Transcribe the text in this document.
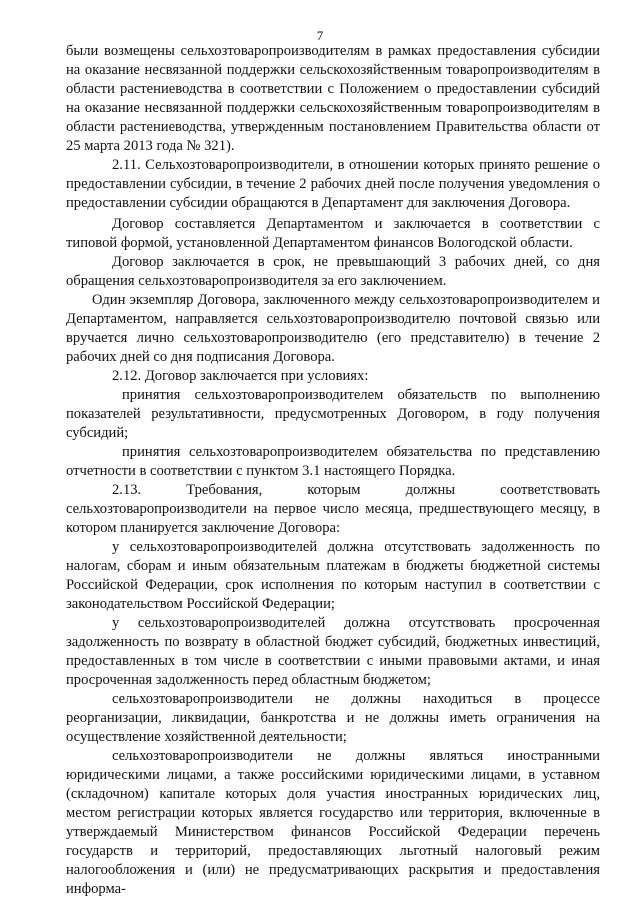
7

были возмещены сельхозтоваропроизводителям в рамках предоставления субсидии на оказание несвязанной поддержки сельскохозяйственным товаропроизводителям в области растениеводства в соответствии с Положением о предоставлении субсидий на оказание несвязанной поддержки сельскохозяйственным товаропроизводителям в области растениеводства, утвержденным постановлением Правительства области от 25 марта 2013 года № 321).

2.11. Сельхозтоваропроизводители, в отношении которых принято решение о предоставлении субсидии, в течение 2 рабочих дней после получения уведомления о предоставлении субсидии обращаются в Департамент для заключения Договора.

Договор составляется Департаментом и заключается в соответствии с типовой формой, установленной Департаментом финансов Вологодской области.

Договор заключается в срок, не превышающий 3 рабочих дней, со дня обращения сельхозтоваропроизводителя за его заключением.

Один экземпляр Договора, заключенного между сельхозтоваропроизводителем и Департаментом, направляется сельхозтоваропроизводителю почтовой связью или вручается лично сельхозтоваропроизводителю (его представителю) в течение 2 рабочих дней со дня подписания Договора.

2.12. Договор заключается при условиях:

принятия сельхозтоваропроизводителем обязательств по выполнению показателей результативности, предусмотренных Договором, в году получения субсидий;

принятия сельхозтоваропроизводителем обязательства по представлению отчетности в соответствии с пунктом 3.1 настоящего Порядка.

2.13. Требования, которым должны соответствовать сельхозтоваропроизводители на первое число месяца, предшествующего месяцу, в котором планируется заключение Договора:

у сельхозтоваропроизводителей должна отсутствовать задолженность по налогам, сборам и иным обязательным платежам в бюджеты бюджетной системы Российской Федерации, срок исполнения по которым наступил в соответствии с законодательством Российской Федерации;

у сельхозтоваропроизводителей должна отсутствовать просроченная задолженность по возврату в областной бюджет субсидий, бюджетных инвестиций, предоставленных в том числе в соответствии с иными правовыми актами, и иная просроченная задолженность перед областным бюджетом;

сельхозтоваропроизводители не должны находиться в процессе реорганизации, ликвидации, банкротства и не должны иметь ограничения на осуществление хозяйственной деятельности;

сельхозтоваропроизводители не должны являться иностранными юридическими лицами, а также российскими юридическими лицами, в уставном (складочном) капитале которых доля участия иностранных юридических лиц, местом регистрации которых является государство или территория, включенные в утверждаемый Министерством финансов Российской Федерации перечень государств и территорий, предоставляющих льготный налоговый режим налогообложения и (или) не предусматривающих раскрытия и предоставления информа-
